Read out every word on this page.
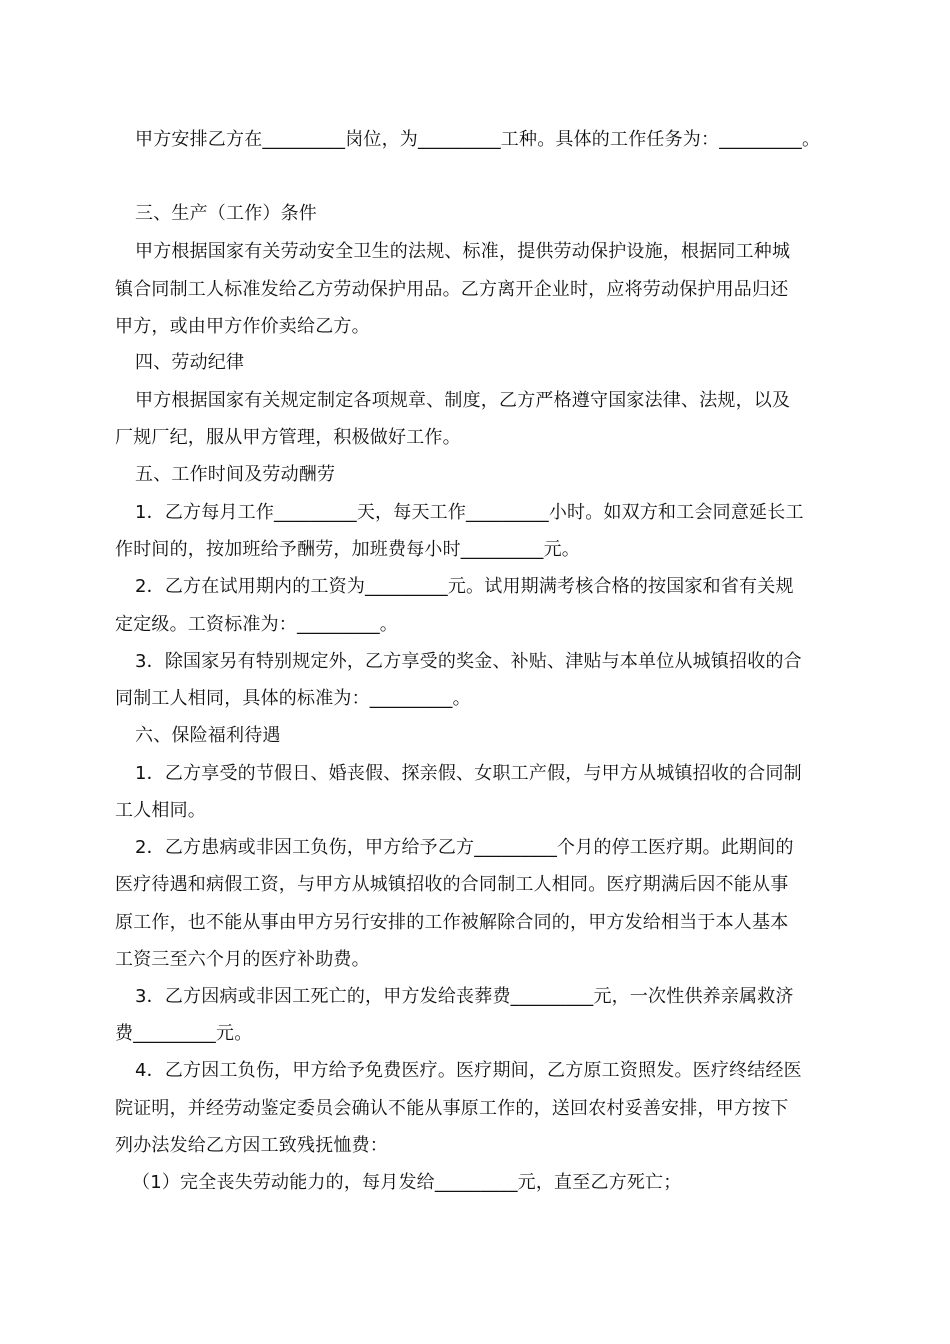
甲方安排乙方在_________岗位，为_________工种。具体的工作任务为：_________。
三、生产（工作）条件
甲方根据国家有关劳动安全卫生的法规、标准，提供劳动保护设施，根据同工种城
镇合同制工人标准发给乙方劳动保护用品。乙方离开企业时，应将劳动保护用品归还
甲方，或由甲方作价卖给乙方。
四、劳动纪律
甲方根据国家有关规定制定各项规章、制度，乙方严格遵守国家法律、法规，以及
厂规厂纪，服从甲方管理，积极做好工作。
五、工作时间及劳动酬劳
1．乙方每月工作_________天，每天工作_________小时。如双方和工会同意延长工
作时间的，按加班给予酬劳，加班费每小时_________元。
2．乙方在试用期内的工资为_________元。试用期满考核合格的按国家和省有关规
定定级。工资标准为：_________。
3．除国家另有特别规定外，乙方享受的奖金、补贴、津贴与本单位从城镇招收的合
同制工人相同，具体的标准为：_________。
六、保险福利待遇
1．乙方享受的节假日、婚丧假、探亲假、女职工产假，与甲方从城镇招收的合同制
工人相同。
2．乙方患病或非因工负伤，甲方给予乙方_________个月的停工医疗期。此期间的
医疗待遇和病假工资，与甲方从城镇招收的合同制工人相同。医疗期满后因不能从事
原工作，也不能从事由甲方另行安排的工作被解除合同的，甲方发给相当于本人基本
工资三至六个月的医疗补助费。
3．乙方因病或非因工死亡的，甲方发给丧葬费_________元，一次性供养亲属救济
费_________元。
4．乙方因工负伤，甲方给予免费医疗。医疗期间，乙方原工资照发。医疗终结经医
院证明，并经劳动鉴定委员会确认不能从事原工作的，送回农村妥善安排，甲方按下
列办法发给乙方因工致残抚恤费：
（1）完全丧失劳动能力的，每月发给_________元，直至乙方死亡；
